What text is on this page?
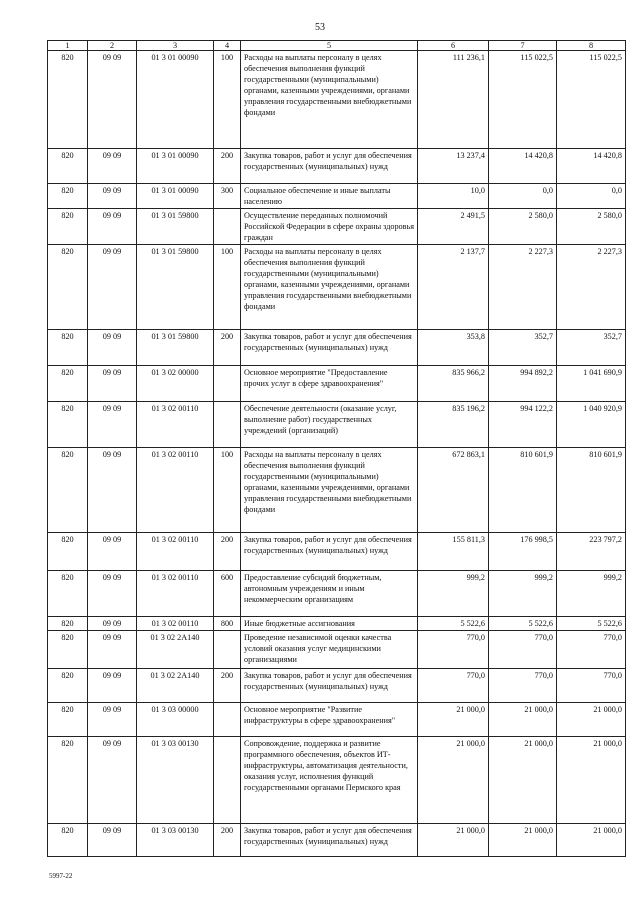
53
1	2	3	4	5	6	7	8
820	09 09	01 3 01 00090	100	Расходы на выплаты персоналу в целях обеспечения выполнения функций государственными (муниципальными) органами, казенными учреждениями, органами управления государственными внебюджетными фондами	111 236,1	115 022,5	115 022,5
820	09 09	01 3 01 00090	200	Закупка товаров, работ и услуг для обеспечения государственных (муниципальных) нужд	13 237,4	14 420,8	14 420,8
820	09 09	01 3 01 00090	300	Социальное обеспечение и иные выплаты населению	10,0	0,0	0,0
820	09 09	01 3 01 59800		Осуществление переданных полномочий Российской Федерации в сфере охраны здоровья граждан	2 491,5	2 580,0	2 580,0
820	09 09	01 3 01 59800	100	Расходы на выплаты персоналу в целях обеспечения выполнения функций государственными (муниципальными) органами, казенными учреждениями, органами управления государственными внебюджетными фондами	2 137,7	2 227,3	2 227,3
820	09 09	01 3 01 59800	200	Закупка товаров, работ и услуг для обеспечения государственных (муниципальных) нужд	353,8	352,7	352,7
820	09 09	01 3 02 00000		Основное мероприятие "Предоставление прочих услуг в сфере здравоохранения"	835 966,2	994 892,2	1 041 690,9
820	09 09	01 3 02 00110		Обеспечение деятельности (оказание услуг, выполнение работ) государственных учреждений (организаций)	835 196,2	994 122,2	1 040 920,9
820	09 09	01 3 02 00110	100	Расходы на выплаты персоналу в целях обеспечения выполнения функций государственными (муниципальными) органами, казенными учреждениями, органами управления государственными внебюджетными фондами	672 863,1	810 601,9	810 601,9
820	09 09	01 3 02 00110	200	Закупка товаров, работ и услуг для обеспечения государственных (муниципальных) нужд	155 811,3	176 998,5	223 797,2
820	09 09	01 3 02 00110	600	Предоставление субсидий бюджетным, автономным учреждениям и иным некоммерческим организациям	999,2	999,2	999,2
820	09 09	01 3 02 00110	800	Иные бюджетные ассигнования	5 522,6	5 522,6	5 522,6
820	09 09	01 3 02 2А140		Проведение независимой оценки качества условий оказания услуг медицинскими организациями	770,0	770,0	770,0
820	09 09	01 3 02 2А140	200	Закупка товаров, работ и услуг для обеспечения государственных (муниципальных) нужд	770,0	770,0	770,0
820	09 09	01 3 03 00000		Основное мероприятие "Развитие инфраструктуры в сфере здравоохранения"	21 000,0	21 000,0	21 000,0
820	09 09	01 3 03 00130		Сопровождение, поддержка и развитие программного обеспечения, объектов ИТ-инфраструктуры, автоматизация деятельности, оказания услуг, исполнения функций государственными органами Пермского края	21 000,0	21 000,0	21 000,0
820	09 09	01 3 03 00130	200	Закупка товаров, работ и услуг для обеспечения государственных (муниципальных) нужд	21 000,0	21 000,0	21 000,0
5997-22
